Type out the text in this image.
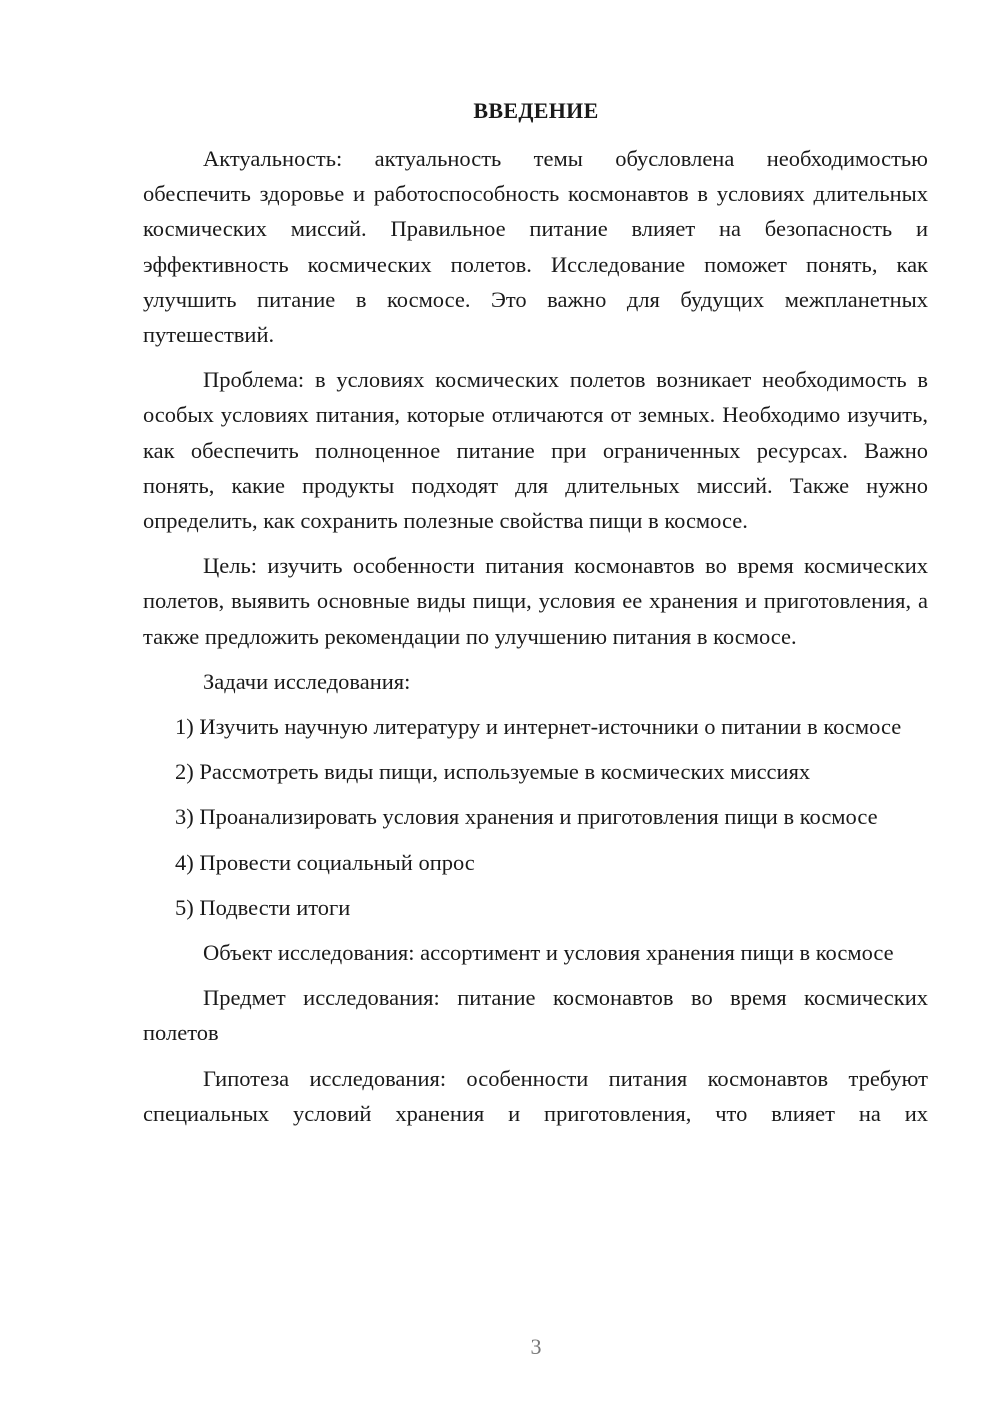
ВВЕДЕНИЕ

Актуальность: актуальность темы обусловлена необходимостью обеспечить здоровье и работоспособность космонавтов в условиях длительных космических миссий. Правильное питание влияет на безопасность и эффективность космических полетов. Исследование поможет понять, как улучшить питание в космосе. Это важно для будущих межпланетных путешествий.

Проблема: в условиях космических полетов возникает необходимость в особых условиях питания, которые отличаются от земных. Необходимо изучить, как обеспечить полноценное питание при ограниченных ресурсах. Важно понять, какие продукты подходят для длительных миссий. Также нужно определить, как сохранить полезные свойства пищи в космосе.

Цель: изучить особенности питания космонавтов во время космических полетов, выявить основные виды пищи, условия ее хранения и приготовления, а также предложить рекомендации по улучшению питания в космосе.

Задачи исследования:

1) Изучить научную литературу и интернет-источники о питании в космосе

2) Рассмотреть виды пищи, используемые в космических миссиях

3) Проанализировать условия хранения и приготовления пищи в космосе

4) Провести социальный опрос

5) Подвести итоги

Объект исследования: ассортимент и условия хранения пищи в космосе

Предмет исследования: питание космонавтов во время космических полетов

Гипотеза исследования: особенности питания космонавтов требуют специальных условий хранения и приготовления, что влияет на их

3
